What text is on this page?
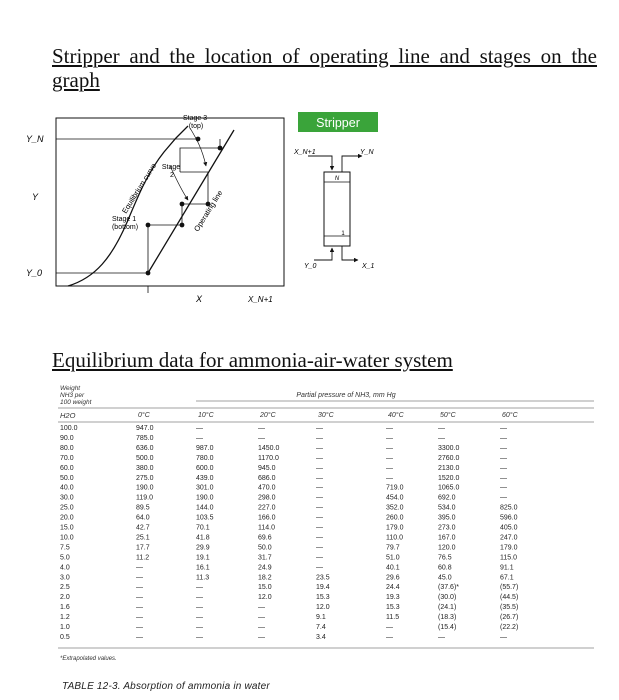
Stripper and the location of operating line and stages on the graph
Y_N
Y
Y_0
X	X_N+1
Equilibrium curve	Operating line
Stage 3 (top)
Stage 2
Stage 1 (bottom)
Stripper
N
1
X_N+1	Y_N
Y_0	X_1
Equilibrium data for ammonia-air-water system
Weight
NH3 per
100 weight
H2O
Partial pressure of NH3, mm Hg
0°C	10°C	20°C	30°C	40°C	50°C	60°C
100.0	947.0	—	—	—	—	—	—
90.0	785.0	—	—	—	—	—	—
80.0	636.0	987.0	1450.0	—	—	3300.0	—
70.0	500.0	780.0	1170.0	—	—	2760.0	—
60.0	380.0	600.0	945.0	—	—	2130.0	—
50.0	275.0	439.0	686.0	—	—	1520.0	—
40.0	190.0	301.0	470.0	—	719.0	1065.0	—
30.0	119.0	190.0	298.0	—	454.0	692.0	—
25.0	89.5	144.0	227.0	—	352.0	534.0	825.0
20.0	64.0	103.5	166.0	—	260.0	395.0	596.0
15.0	42.7	70.1	114.0	—	179.0	273.0	405.0
10.0	25.1	41.8	69.6	—	110.0	167.0	247.0
7.5	17.7	29.9	50.0	—	79.7	120.0	179.0
5.0	11.2	19.1	31.7	—	51.0	76.5	115.0
4.0	—	16.1	24.9	—	40.1	60.8	91.1
3.0	—	11.3	18.2	23.5	29.6	45.0	67.1
2.5	—	—	15.0	19.4	24.4	(37.6)*	(55.7)
2.0	—	—	12.0	15.3	19.3	(30.0)	(44.5)
1.6	—	—	—	12.0	15.3	(24.1)	(35.5)
1.2	—	—	—	9.1	11.5	(18.3)	(26.7)
1.0	—	—	—	7.4	—	(15.4)	(22.2)
0.5	—	—	—	3.4	—	—	—
*Extrapolated values.
TABLE 12-3. Absorption of ammonia in water
